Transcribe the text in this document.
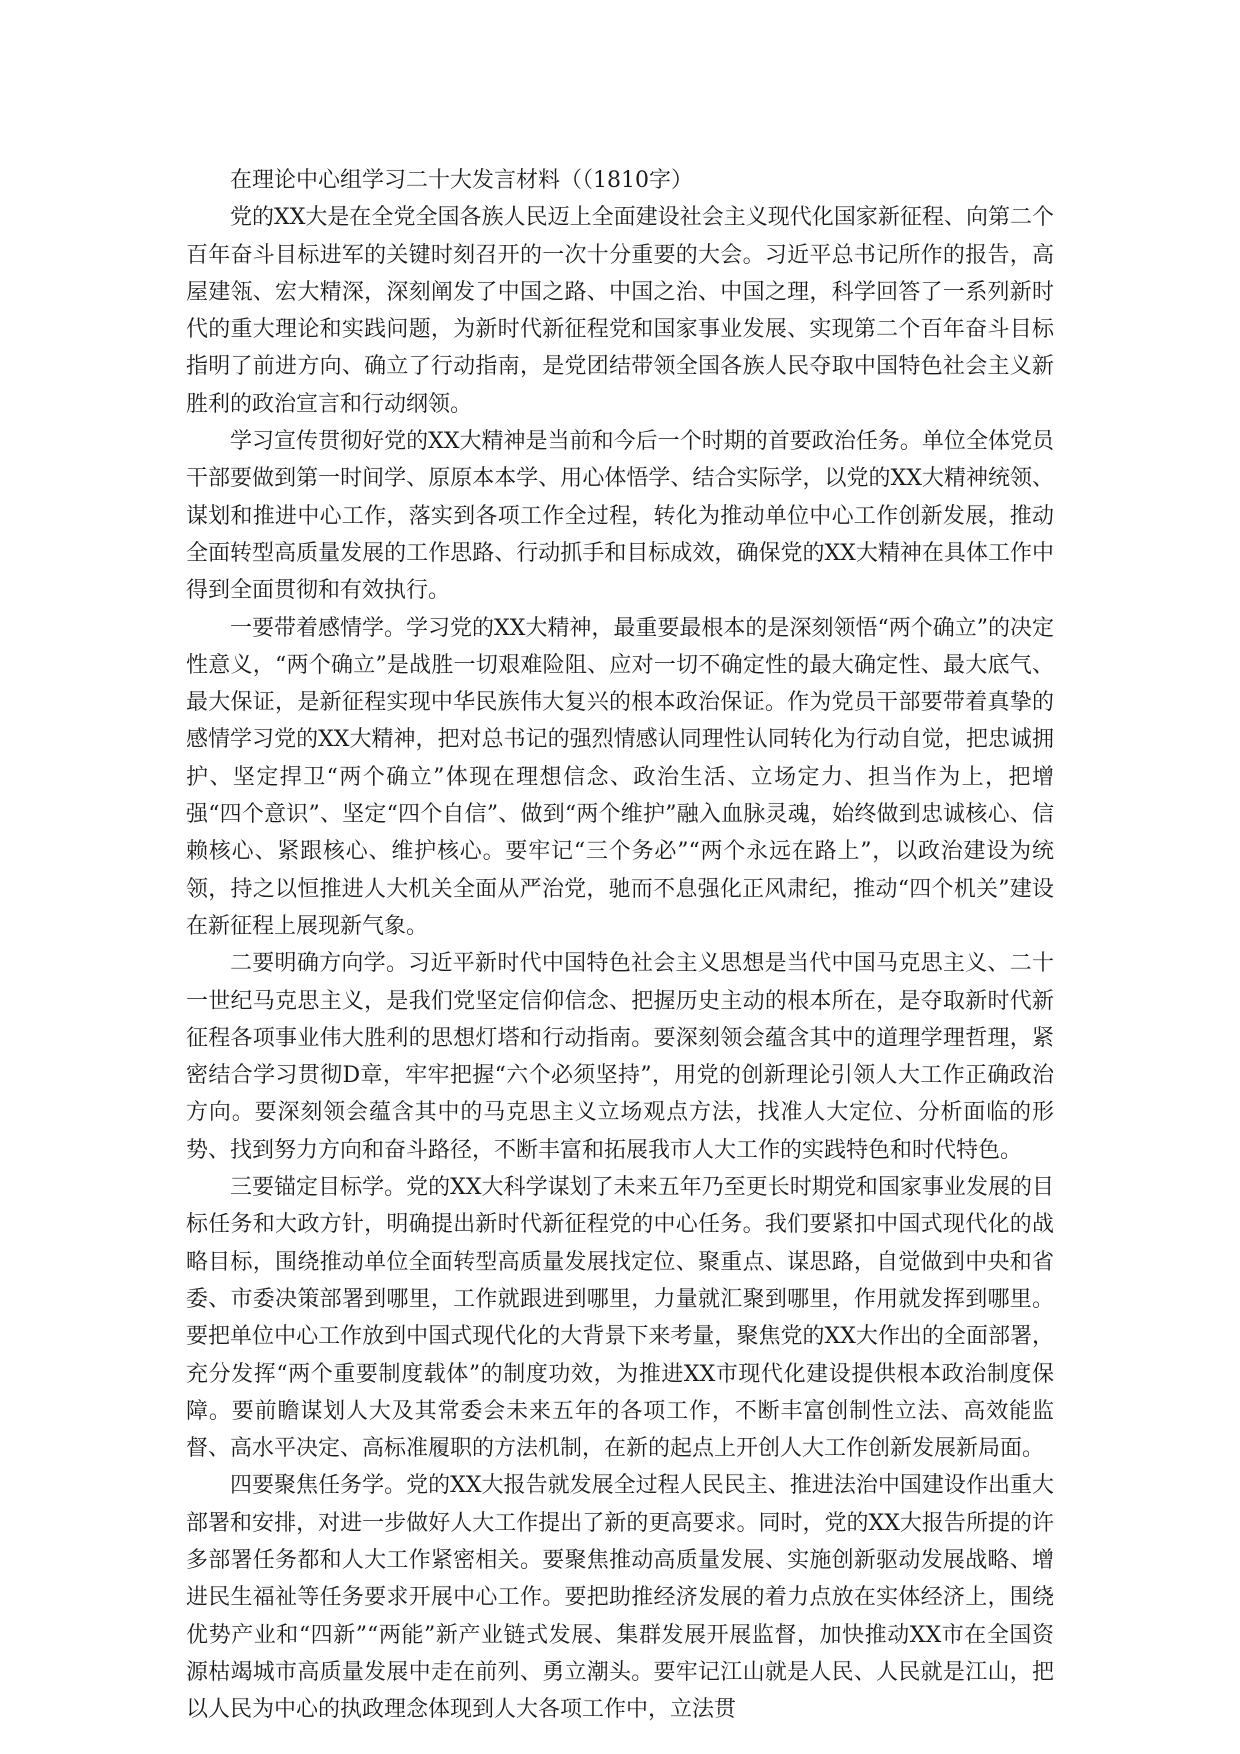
在理论中心组学习二十大发言材料（（1810字）

党的XX大是在全党全国各族人民迈上全面建设社会主义现代化国家新征程、向第二个百年奋斗目标进军的关键时刻召开的一次十分重要的大会。习近平总书记所作的报告，高屋建瓴、宏大精深，深刻阐发了中国之路、中国之治、中国之理，科学回答了一系列新时代的重大理论和实践问题，为新时代新征程党和国家事业发展、实现第二个百年奋斗目标指明了前进方向、确立了行动指南，是党团结带领全国各族人民夺取中国特色社会主义新胜利的政治宣言和行动纲领。

学习宣传贯彻好党的XX大精神是当前和今后一个时期的首要政治任务。单位全体党员干部要做到第一时间学、原原本本学、用心体悟学、结合实际学，以党的XX大精神统领、谋划和推进中心工作，落实到各项工作全过程，转化为推动单位中心工作创新发展，推动全面转型高质量发展的工作思路、行动抓手和目标成效，确保党的XX大精神在具体工作中得到全面贯彻和有效执行。

一要带着感情学。学习党的XX大精神，最重要最根本的是深刻领悟“两个确立”的决定性意义，“两个确立”是战胜一切艰难险阻、应对一切不确定性的最大确定性、最大底气、最大保证，是新征程实现中华民族伟大复兴的根本政治保证。作为党员干部要带着真挚的感情学习党的XX大精神，把对总书记的强烈情感认同理性认同转化为行动自觉，把忠诚拥护、坚定捍卫“两个确立”体现在理想信念、政治生活、立场定力、担当作为上，把增强“四个意识”、坚定“四个自信”、做到“两个维护”融入血脉灵魂，始终做到忠诚核心、信赖核心、紧跟核心、维护核心。要牢记“三个务必”“两个永远在路上”，以政治建设为统领，持之以恒推进人大机关全面从严治党，驰而不息强化正风肃纪，推动“四个机关”建设在新征程上展现新气象。

二要明确方向学。习近平新时代中国特色社会主义思想是当代中国马克思主义、二十一世纪马克思主义，是我们党坚定信仰信念、把握历史主动的根本所在，是夺取新时代新征程各项事业伟大胜利的思想灯塔和行动指南。要深刻领会蕴含其中的道理学理哲理，紧密结合学习贯彻D章，牢牢把握“六个必须坚持”，用党的创新理论引领人大工作正确政治方向。要深刻领会蕴含其中的马克思主义立场观点方法，找准人大定位、分析面临的形势、找到努力方向和奋斗路径，不断丰富和拓展我市人大工作的实践特色和时代特色。

三要锚定目标学。党的XX大科学谋划了未来五年乃至更长时期党和国家事业发展的目标任务和大政方针，明确提出新时代新征程党的中心任务。我们要紧扣中国式现代化的战略目标，围绕推动单位全面转型高质量发展找定位、聚重点、谋思路，自觉做到中央和省委、市委决策部署到哪里，工作就跟进到哪里，力量就汇聚到哪里，作用就发挥到哪里。要把单位中心工作放到中国式现代化的大背景下来考量，聚焦党的XX大作出的全面部署，充分发挥“两个重要制度载体”的制度功效，为推进XX市现代化建设提供根本政治制度保障。要前瞻谋划人大及其常委会未来五年的各项工作，不断丰富创制性立法、高效能监督、高水平决定、高标准履职的方法机制，在新的起点上开创人大工作创新发展新局面。

四要聚焦任务学。党的XX大报告就发展全过程人民民主、推进法治中国建设作出重大部署和安排，对进一步做好人大工作提出了新的更高要求。同时，党的XX大报告所提的许多部署任务都和人大工作紧密相关。要聚焦推动高质量发展、实施创新驱动发展战略、增进民生福祉等任务要求开展中心工作。要把助推经济发展的着力点放在实体经济上，围绕优势产业和“四新”“两能”新产业链式发展、集群发展开展监督，加快推动XX市在全国资源枯竭城市高质量发展中走在前列、勇立潮头。要牢记江山就是人民、人民就是江山，把以人民为中心的执政理念体现到人大各项工作中，立法贯
